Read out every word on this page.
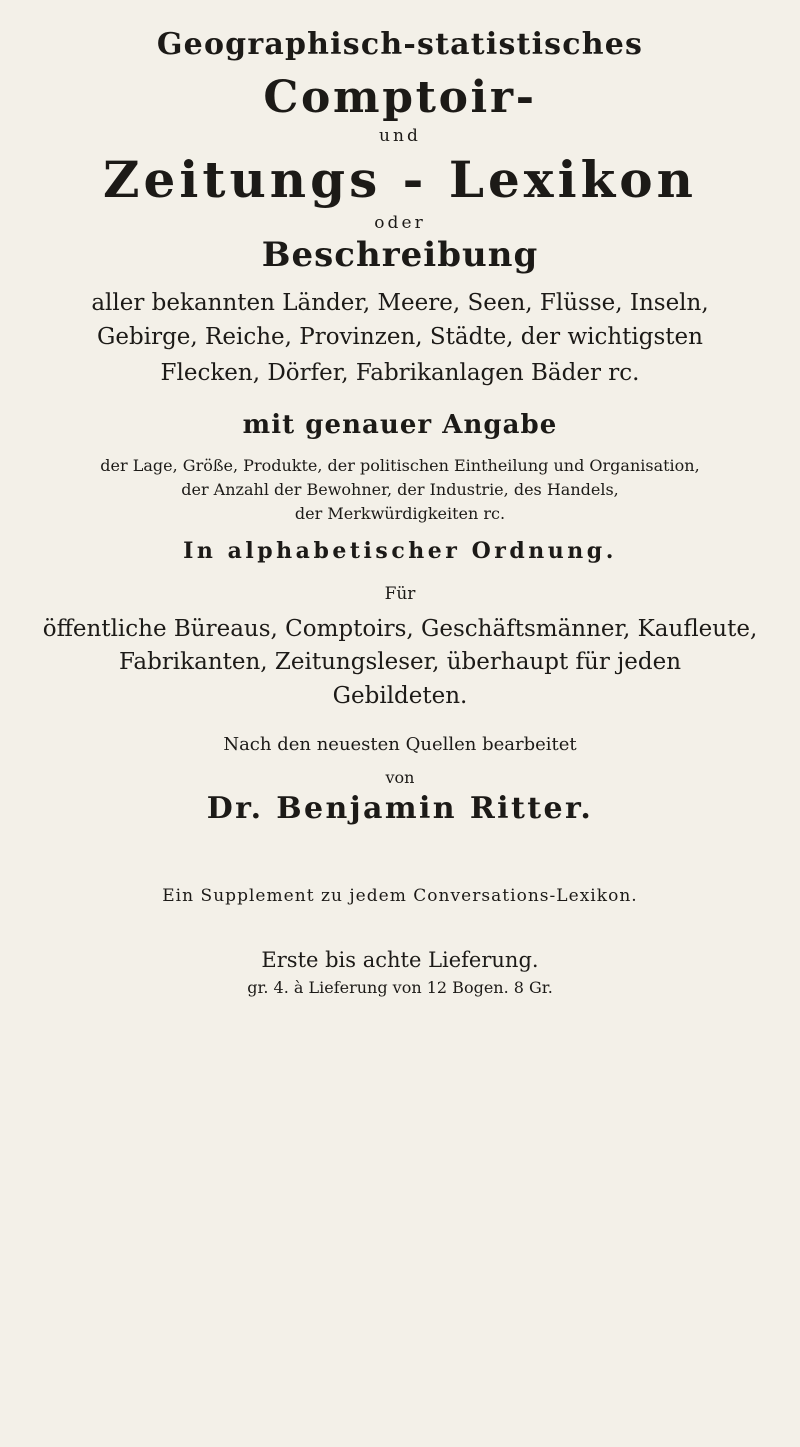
Geographisch-statistisches
Comptoir-
und
Zeitungs - Lexikon
oder
Beschreibung
aller bekannten Länder, Meere, Seen, Flüsse, Inseln,
Gebirge, Reiche, Provinzen, Städte, der wichtigsten
Flecken, Dörfer, Fabrikanlagen Bäder rc.
mit genauer Angabe
der Lage, Größe, Produkte, der politischen Eintheilung und Organisation,
der Anzahl der Bewohner, der Industrie, des Handels,
der Merkwürdigkeiten rc.
In alphabetischer Ordnung.
Für
öffentliche Büreaus, Comptoirs, Geschäftsmänner, Kaufleute,
Fabrikanten, Zeitungsleser, überhaupt für jeden
Gebildeten.
Nach den neuesten Quellen bearbeitet
von
Dr. Benjamin Ritter.
Ein Supplement zu jedem Conversations-Lexikon.
Erste bis achte Lieferung.
gr. 4. à Lieferung von 12 Bogen. 8 Gr.
